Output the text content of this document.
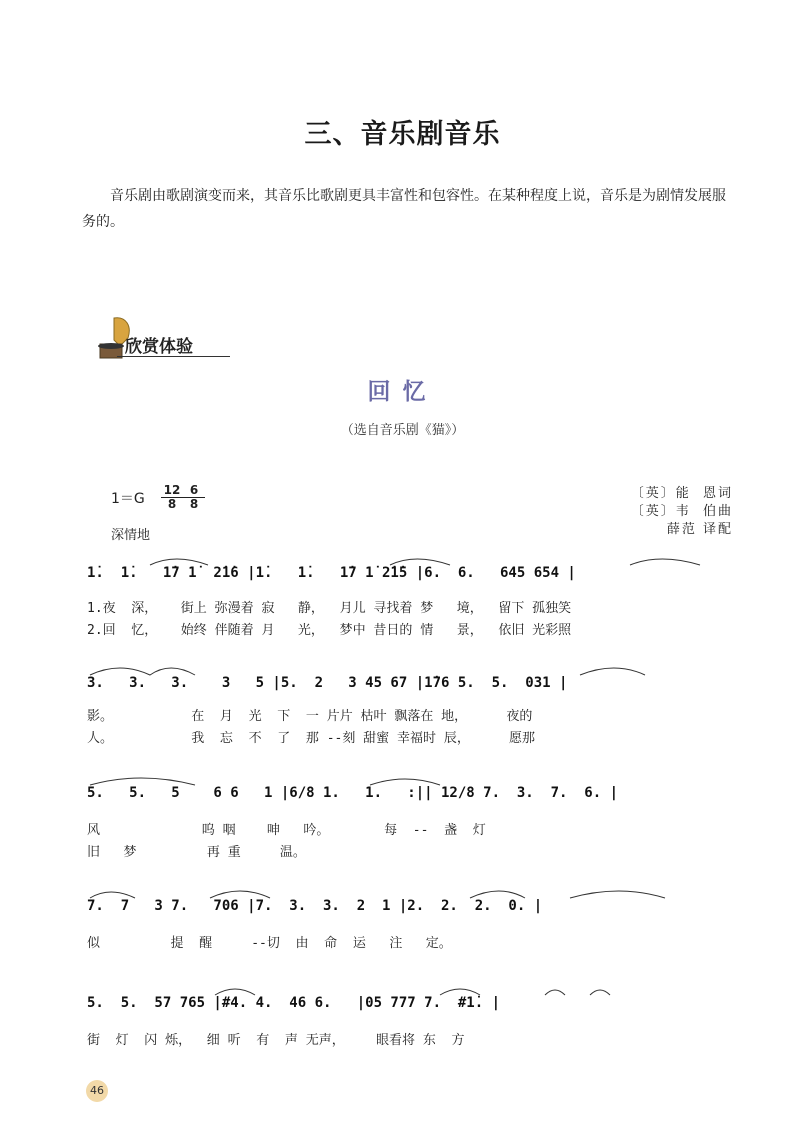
三、音乐剧音乐
音乐剧由歌剧演变而来，其音乐比歌剧更具丰富性和包容性。在某种程度上说，音乐是为剧情发展服务的。
欣赏体验
回忆
（选自音乐剧《猫》）
1＝G
12
8
6
8
深情地
〔英〕能  恩词
〔英〕韦  伯曲
薛范 译配
1̇.  1̇.   1̇7 1̇  2̇1̇6 |1̇.   1̇.   1̇7 1̇ 2̇1̇5 |6.  6.   645 654 |
1.夜  深，   街上 弥漫着 寂   静，  月儿 寻找着 梦   境，  留下 孤独笑
2.回  忆，   始终 伴随着 月   光，  梦中 昔日的 情   景，  依旧 光彩照
3.   3.   3.    3   5 |5.  2   3 45 67 |1̇76 5.  5.  031 |
影。          在  月  光  下  一 片片 枯叶 飘落在 地，     夜的
人。          我  忘  不  了  那 --刻 甜蜜 幸福时 辰，     愿那
5.   5.   5    6 6   1 |6/8 1.   1.   :|| 12/8 7.  3.  7.  6. |
风             呜 咽    呻   吟。       每  --  盏  灯
旧   梦         再 重     温。
7.  7   3 7.   706 |7.  3.  3.  2  1 |2.  2.  2.  0. |
似         提  醒     --切  由  命  运   注   定。
5.  5.  57 765 |#4. 4.  46 6.   |05 777 7.  #1̇. |
街  灯  闪 烁，  细 听  有  声 无声，    眼看将 东  方
46
